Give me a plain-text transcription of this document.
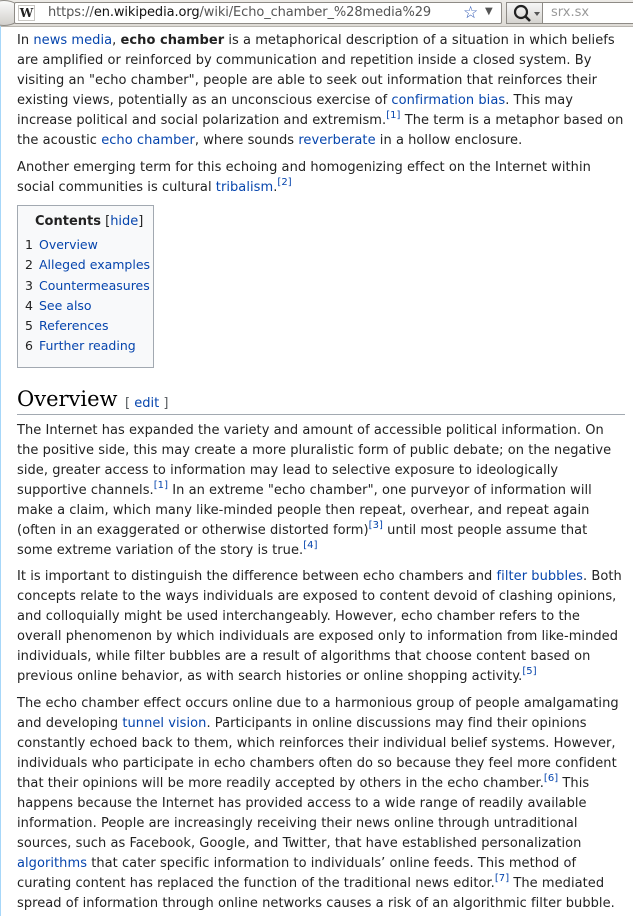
W https://en.wikipedia.org/wiki/Echo_chamber_%28media%29 ☆ ▼	srx.sx

In news media, echo chamber is a metaphorical description of a situation in which beliefs are amplified or reinforced by communication and repetition inside a closed system. By visiting an "echo chamber", people are able to seek out information that reinforces their existing views, potentially as an unconscious exercise of confirmation bias. This may increase political and social polarization and extremism.[1] The term is a metaphor based on the acoustic echo chamber, where sounds reverberate in a hollow enclosure.

Another emerging term for this echoing and homogenizing effect on the Internet within social communities is cultural tribalism.[2]

Contents [hide]
1 Overview
2 Alleged examples
3 Countermeasures
4 See also
5 References
6 Further reading
Overview [ edit ]

The Internet has expanded the variety and amount of accessible political information. On the positive side, this may create a more pluralistic form of public debate; on the negative side, greater access to information may lead to selective exposure to ideologically supportive channels.[1] In an extreme "echo chamber", one purveyor of information will make a claim, which many like-minded people then repeat, overhear, and repeat again (often in an exaggerated or otherwise distorted form)[3] until most people assume that some extreme variation of the story is true.[4]

It is important to distinguish the difference between echo chambers and filter bubbles. Both concepts relate to the ways individuals are exposed to content devoid of clashing opinions, and colloquially might be used interchangeably. However, echo chamber refers to the overall phenomenon by which individuals are exposed only to information from like-minded individuals, while filter bubbles are a result of algorithms that choose content based on previous online behavior, as with search histories or online shopping activity.[5]

The echo chamber effect occurs online due to a harmonious group of people amalgamating and developing tunnel vision. Participants in online discussions may find their opinions constantly echoed back to them, which reinforces their individual belief systems. However, individuals who participate in echo chambers often do so because they feel more confident that their opinions will be more readily accepted by others in the echo chamber.[6] This happens because the Internet has provided access to a wide range of readily available information. People are increasingly receiving their news online through untraditional sources, such as Facebook, Google, and Twitter, that have established personalization algorithms that cater specific information to individuals’ online feeds. This method of curating content has replaced the function of the traditional news editor.[7] The mediated spread of information through online networks causes a risk of an algorithmic filter bubble.
